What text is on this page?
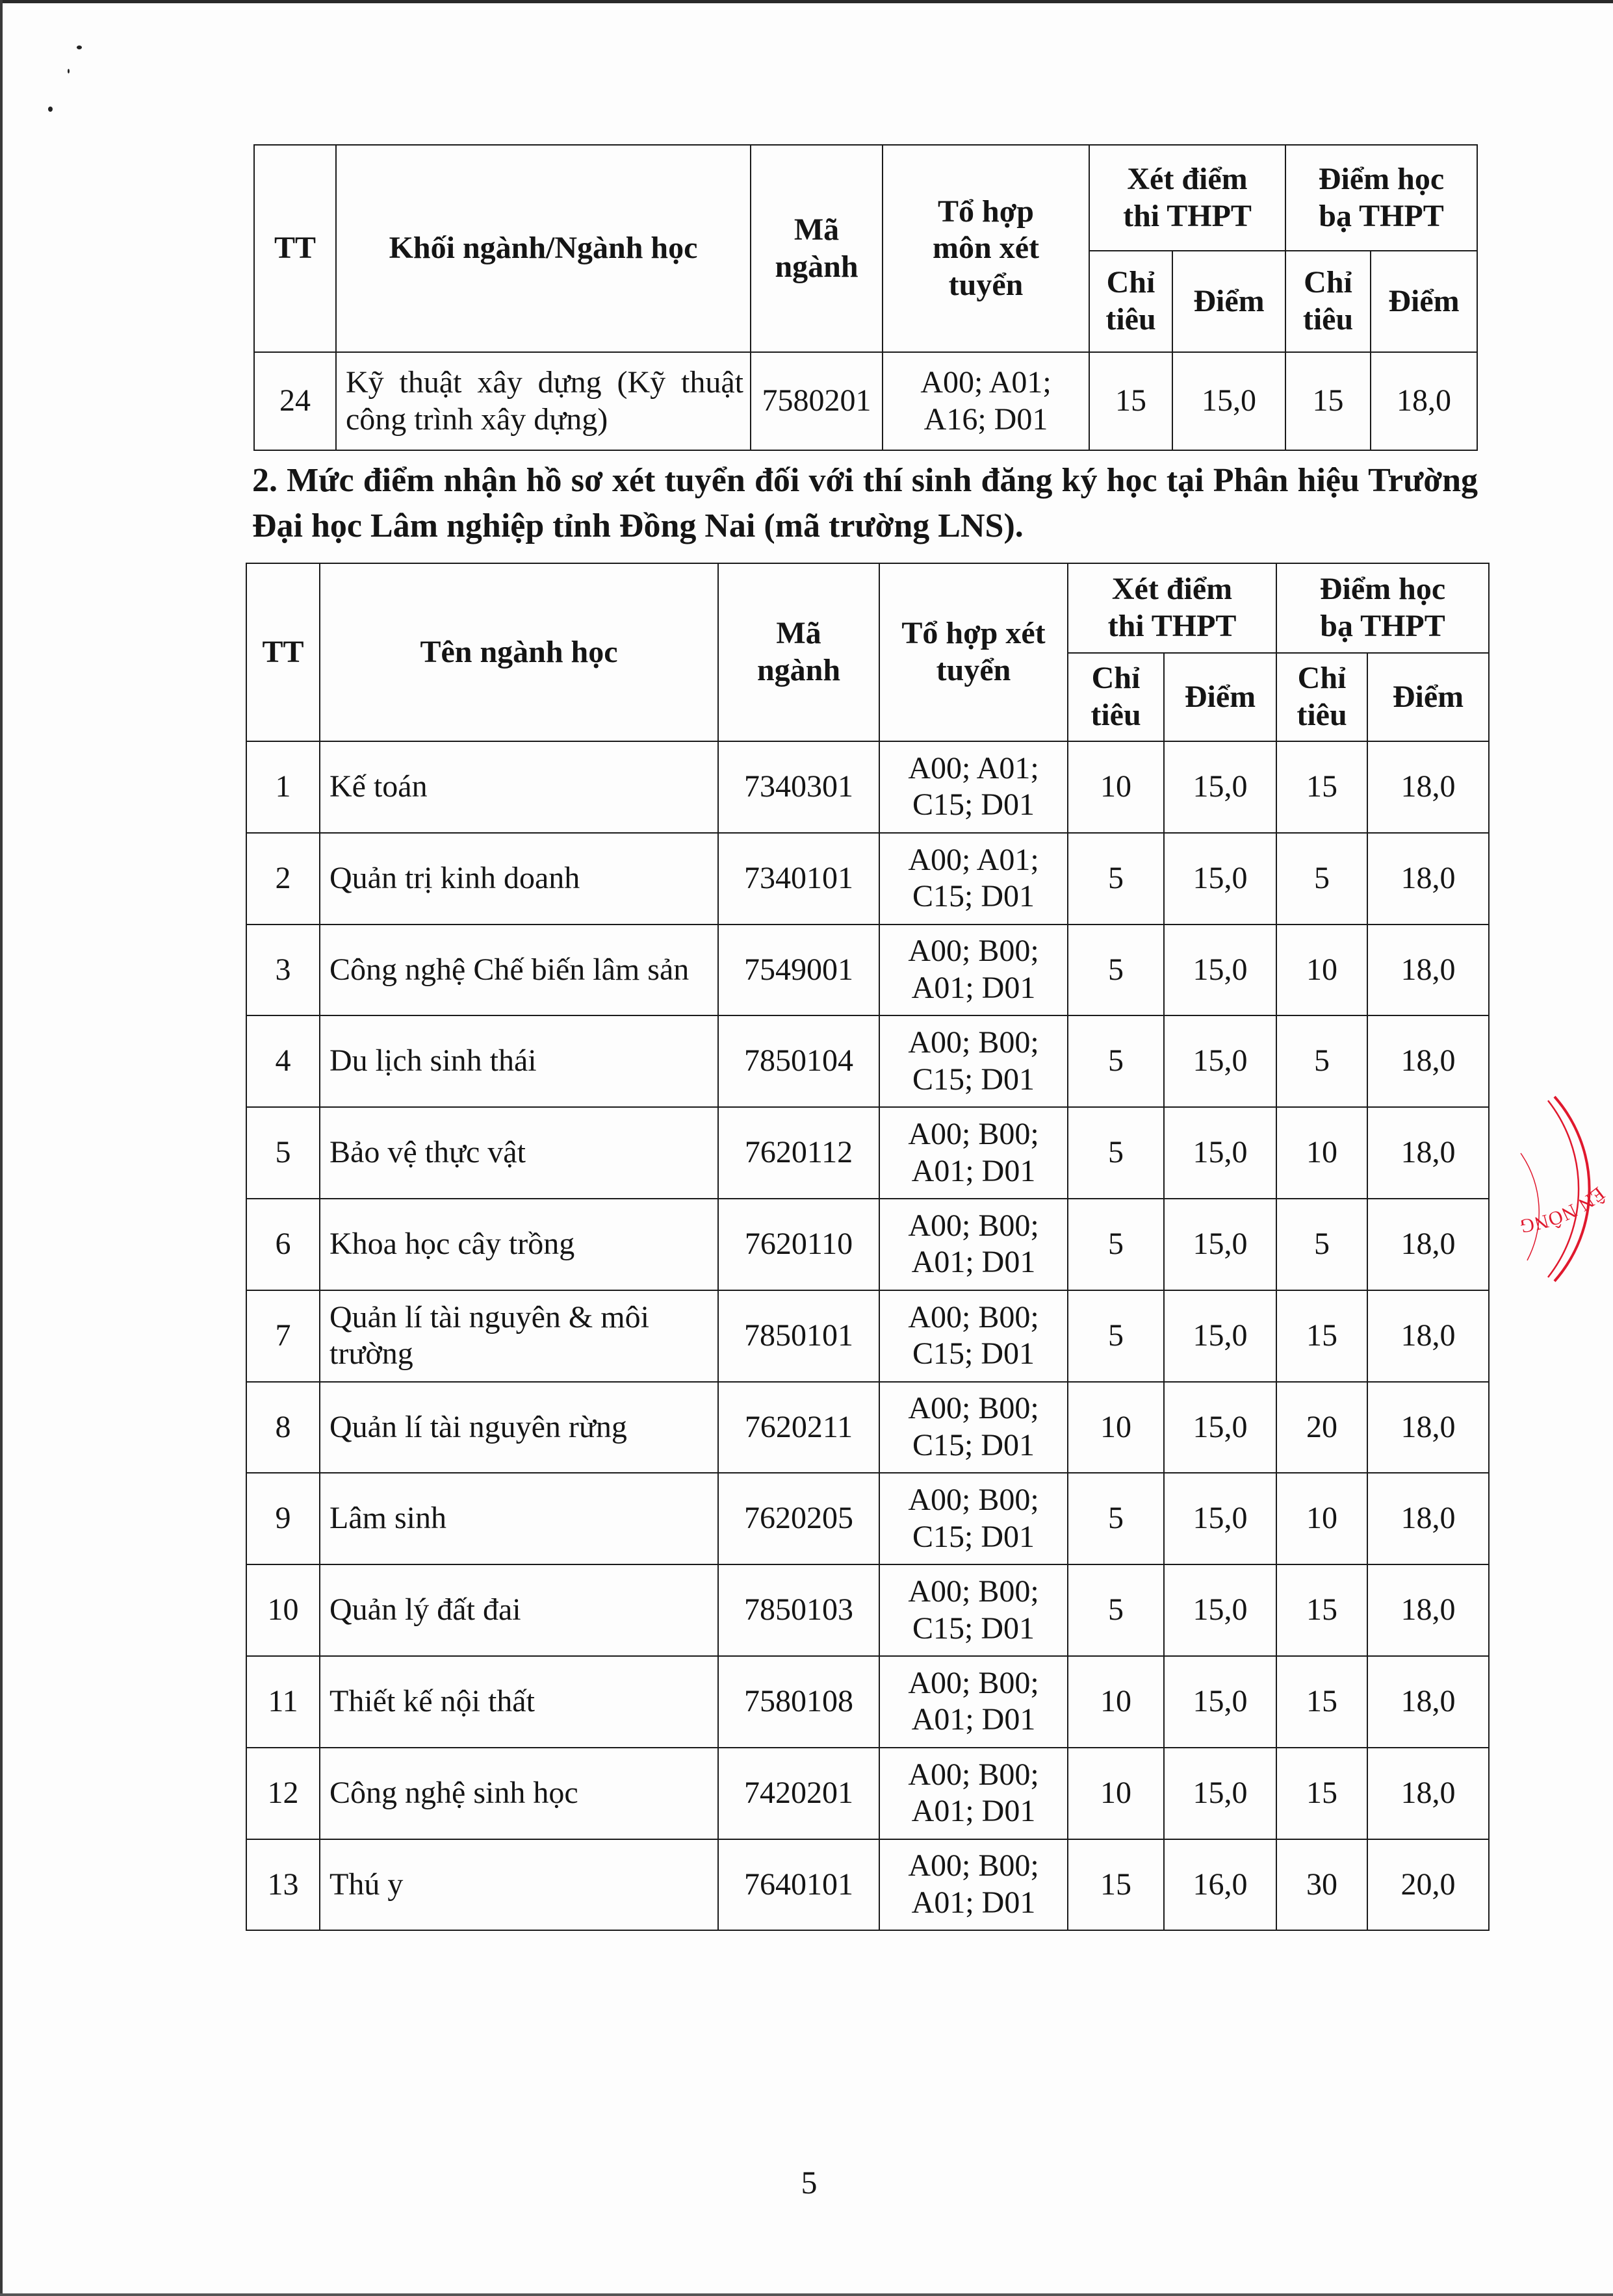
TT	Khối ngành/Ngành học	Mã ngành	Tổ hợp môn xét tuyển	Xét điểm thi THPT		Điểm học bạ THPT	
				Chỉ tiêu	Điểm	Chỉ tiêu	Điểm
24	Kỹ thuật xây dựng (Kỹ thuật công trình xây dựng)	7580201	A00; A01; A16; D01	15	15,0	15	18,0
2. Mức điểm nhận hồ sơ xét tuyển đối với thí sinh đăng ký học tại Phân hiệu Trường Đại học Lâm nghiệp tỉnh Đồng Nai (mã trường LNS).
TT	Tên ngành học	Mã ngành	Tổ hợp xét tuyển	Xét điểm thi THPT		Điểm học bạ THPT	
				Chỉ tiêu	Điểm	Chỉ tiêu	Điểm
1	Kế toán	7340301	A00; A01; C15; D01	10	15,0	15	18,0
2	Quản trị kinh doanh	7340101	A00; A01; C15; D01	5	15,0	5	18,0
3	Công nghệ Chế biến lâm sản	7549001	A00; B00; A01; D01	5	15,0	10	18,0
4	Du lịch sinh thái	7850104	A00; B00; C15; D01	5	15,0	5	18,0
5	Bảo vệ thực vật	7620112	A00; B00; A01; D01	5	15,0	10	18,0
6	Khoa học cây trồng	7620110	A00; B00; A01; D01	5	15,0	5	18,0
7	Quản lí tài nguyên & môi trường	7850101	A00; B00; C15; D01	5	15,0	15	18,0
8	Quản lí tài nguyên rừng	7620211	A00; B00; C15; D01	10	15,0	20	18,0
9	Lâm sinh	7620205	A00; B00; C15; D01	5	15,0	10	18,0
10	Quản lý đất đai	7850103	A00; B00; C15; D01	5	15,0	15	18,0
11	Thiết kế nội thất	7580108	A00; B00; A01; D01	10	15,0	15	18,0
12	Công nghệ sinh học	7420201	A00; B00; A01; D01	10	15,0	15	18,0
13	Thú y	7640101	A00; B00; A01; D01	15	16,0	30	20,0
5
ÊN NÔNG
